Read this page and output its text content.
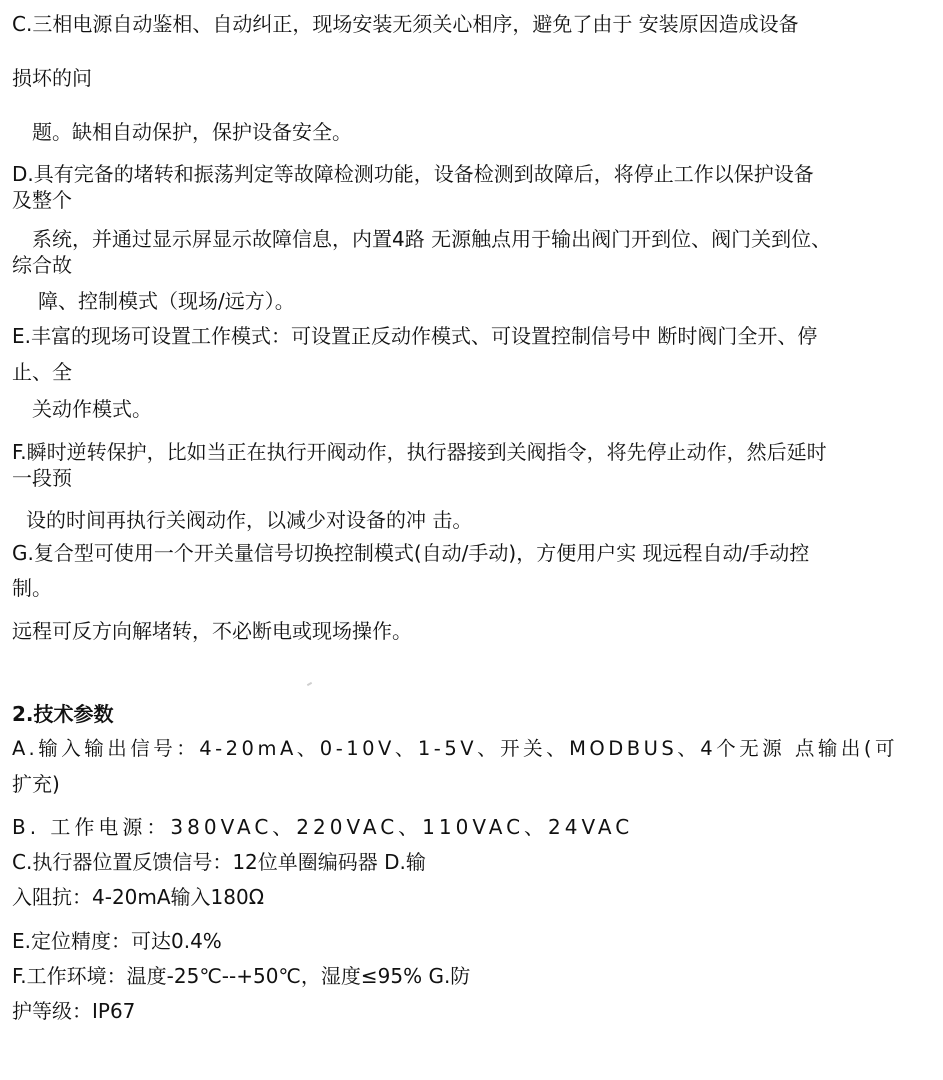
C.三相电源自动鉴相、自动纠正，现场安装无须关心相序，避免了由于 安装原因造成设备

损坏的问

题。缺相自动保护，保护设备安全。

D.具有完备的堵转和振荡判定等故障检测功能，设备检测到故障后，将停止工作以保护设备

及整个

系统，并通过显示屏显示故障信息，内置4路 无源触点用于输出阀门开到位、阀门关到位、

综合故

障、控制模式（现场/远方）。

E.丰富的现场可设置工作模式：可设置正反动作模式、可设置控制信号中 断时阀门全开、停

止、全

关动作模式。

F.瞬时逆转保护，比如当正在执行开阀动作，执行器接到关阀指令，将先停止动作，然后延时

一段预

设的时间再执行关阀动作，以减少对设备的冲 击。

G.复合型可使用一个开关量信号切换控制模式(自动/手动)，方便用户实 现远程自动/手动控

制。

远程可反方向解堵转，不必断电或现场操作。

2.技术参数

A.输入输出信号：4-20mA、0-10V、1-5V、开关、MODBUS、4个无源 点输出(可

扩充)

B. 工作电源：380VAC、220VAC、110VAC、24VAC

C.执行器位置反馈信号：12位单圈编码器 D.输

入阻抗：4-20mA输入180Ω

E.定位精度：可达0.4%

F.工作环境：温度-25℃--+50℃，湿度≤95% G.防

护等级：IP67
